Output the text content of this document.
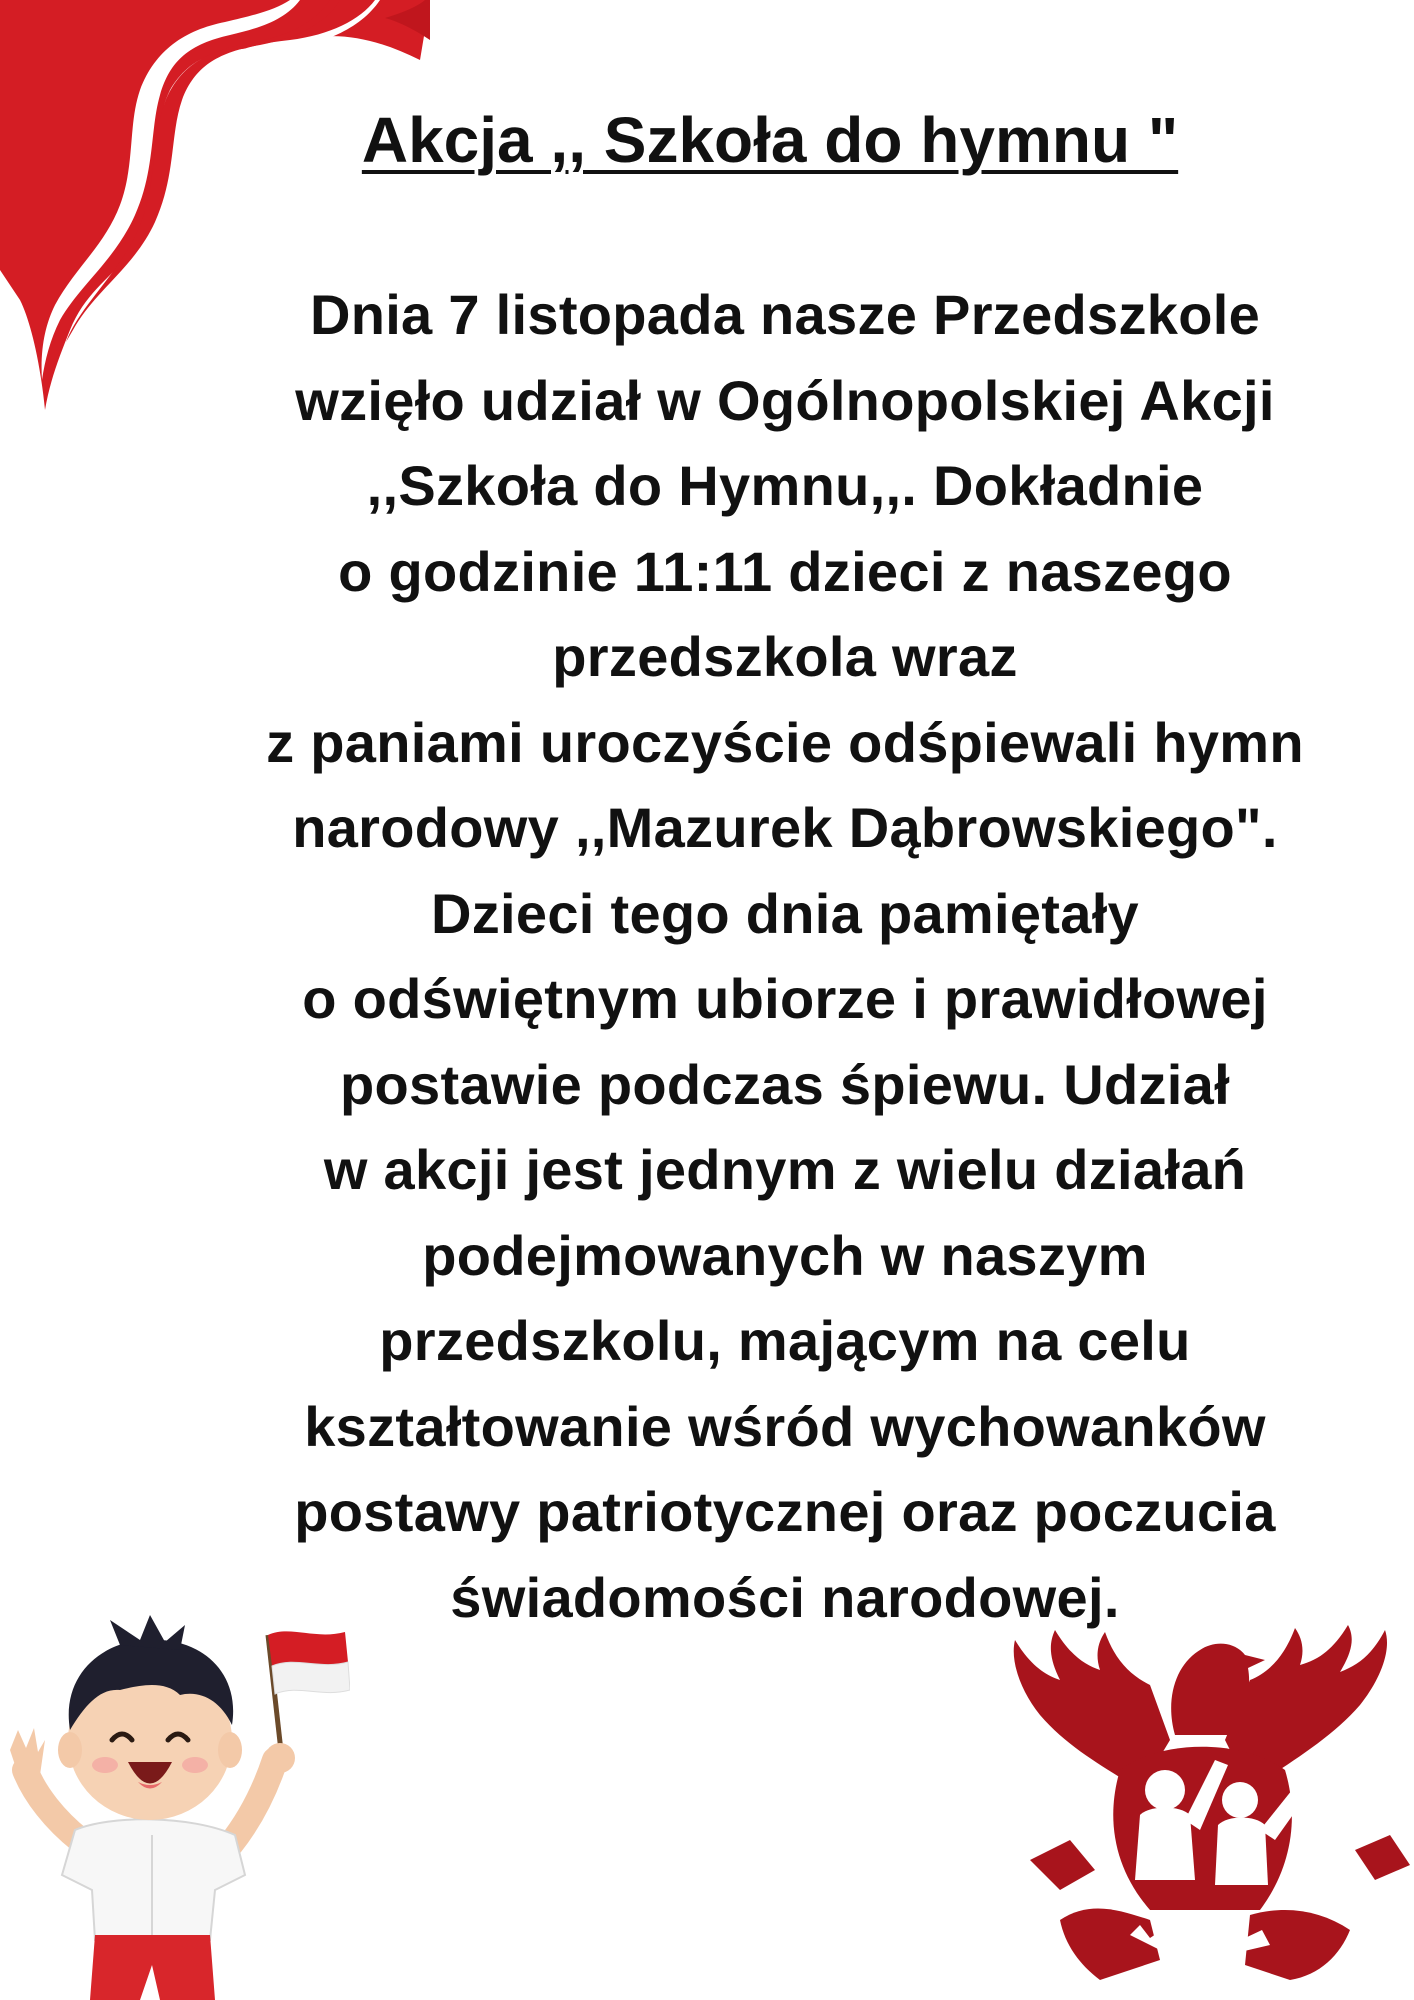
Akcja ,, Szkoła do hymnu "
Dnia 7 listopada nasze Przedszkole
wzięło udział w Ogólnopolskiej Akcji
,,Szkoła do Hymnu,,. Dokładnie
o godzinie 11:11 dzieci z naszego
przedszkola wraz
z paniami uroczyście odśpiewali hymn
narodowy ,,Mazurek Dąbrowskiego".
Dzieci tego dnia pamiętały
o odświętnym ubiorze i prawidłowej
postawie podczas śpiewu. Udział
w akcji jest jednym z wielu działań
podejmowanych w naszym
przedszkolu, mającym na celu
kształtowanie wśród wychowanków
postawy patriotycznej oraz poczucia
świadomości narodowej.
